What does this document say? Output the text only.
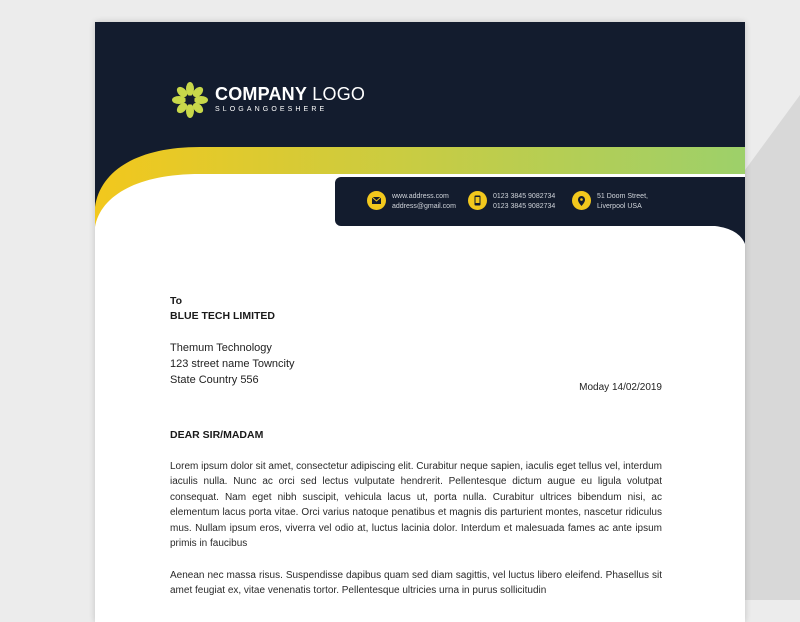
COMPANY LOGO
SLOGANGOESHERE
www.address.com
address@gmail.com
0123 3845 9082734
0123 3845 9082734
51 Doom Street,
Liverpool USA
To
BLUE TECH LIMITED
Themum Technology
123 street name Towncity
State Country 556
Moday 14/02/2019
DEAR SIR/MADAM

Lorem ipsum dolor sit amet, consectetur adipiscing elit. Curabitur neque sapien, iaculis eget tellus vel, interdum iaculis nulla. Nunc ac orci sed lectus vulputate hendrerit. Pellentesque dictum augue eu ligula volutpat consequat. Nam eget nibh suscipit, vehicula lacus ut, porta nulla. Curabitur ultrices bibendum nisi, ac elementum lacus porta vitae. Orci varius natoque penatibus et magnis dis parturient montes, nascetur ridiculus mus. Nullam ipsum eros, viverra vel odio at, luctus lacinia dolor. Interdum et malesuada fames ac ante ipsum primis in faucibus

Aenean nec massa risus. Suspendisse dapibus quam sed diam sagittis, vel luctus libero eleifend. Phasellus sit amet feugiat ex, vitae venenatis tortor. Pellentesque ultricies urna in purus sollicitudin
